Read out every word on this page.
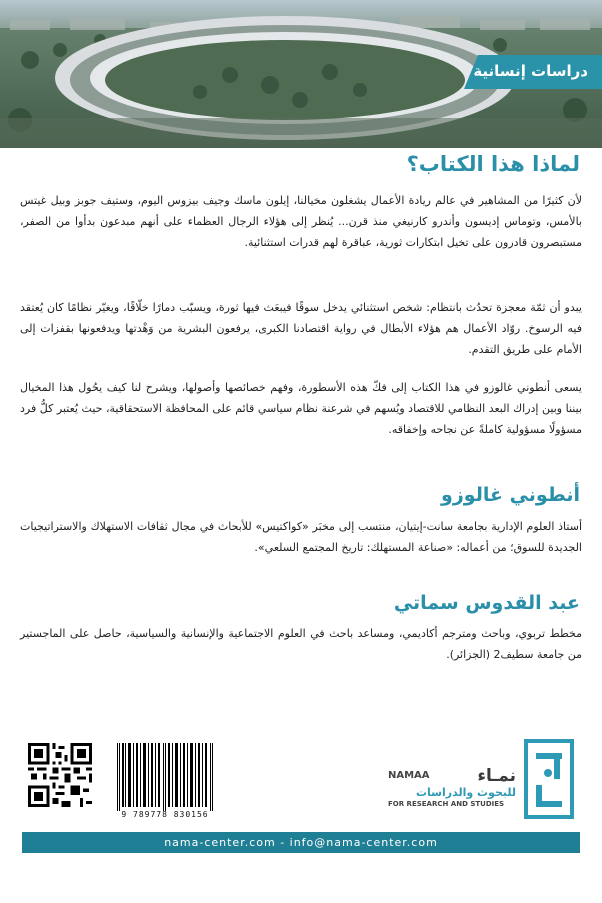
دراسات إنسانية
لماذا هذا الكتاب؟
لأن كثيرًا من المشاهير في عالم ريادة الأعمال يشغلون مخيالنا، إيلون ماسك وجيف بيزوس اليوم، وستيف جوبز وبيل غيتس بالأمس، وتوماس إديسون وأندرو كارنيغي منذ قرن... يُنظر إلى هؤلاء الرجال العظماء على أنهم مبدعون بدأوا من الصفر، مستبصرون قادرون على تخيل ابتكارات ثورية، عباقرة لهم قدرات استثنائية.
يبدو أن ثمّة معجزة تحدُث بانتظام: شخص استثنائي يدخل سوقًا فيبعَث فيها ثورة، ويسبّب دمارًا خلّاقًا، ويغيّر نظامًا كان يُعتقد فيه الرسوخ. روّاد الأعمال هم هؤلاء الأبطال في رواية اقتصادنا الكبرى، يرفعون البشرية من وَهْدتها ويدفعونها بقفزات إلى الأمام على طريق التقدم.
يسعى أنطوني غالوزو في هذا الكتاب إلى فكّ هذه الأسطورة، وفهم خصائصها وأصولها، ويشرح لنا كيف يحُول هذا المخيال بيننا وبين إدراك البعد النظامي للاقتصاد ويُسهم في شرعنة نظام سياسي قائم على المحافظة الاستحقاقية، حيث يُعتبر كلُّ فرد مسؤولًا مسؤولية كاملةً عن نجاحه وإخفاقه.
أنطوني غالوزو
أستاذ العلوم الإدارية بجامعة سانت-إيتيان، منتسب إلى مخبَر «كواكتيس» للأبحاث في مجال ثقافات الاستهلاك والاستراتيجيات الجديدة للسوق؛ من أعماله: «صناعة المستهلك: تاريخ المجتمع السلعي».
عبد القدوس سماتي
مخطط تربوي، وباحث ومترجم أكاديمي، ومساعد باحث في العلوم الاجتماعية والإنسانية والسياسية، حاصل على الماجستير من جامعة سطيف2 (الجزائر).
9 789778 830156
NAMAA	نمـاء
للبحوث والدراسات
FOR RESEARCH AND STUDIES
nama-center.com - info@nama-center.com
